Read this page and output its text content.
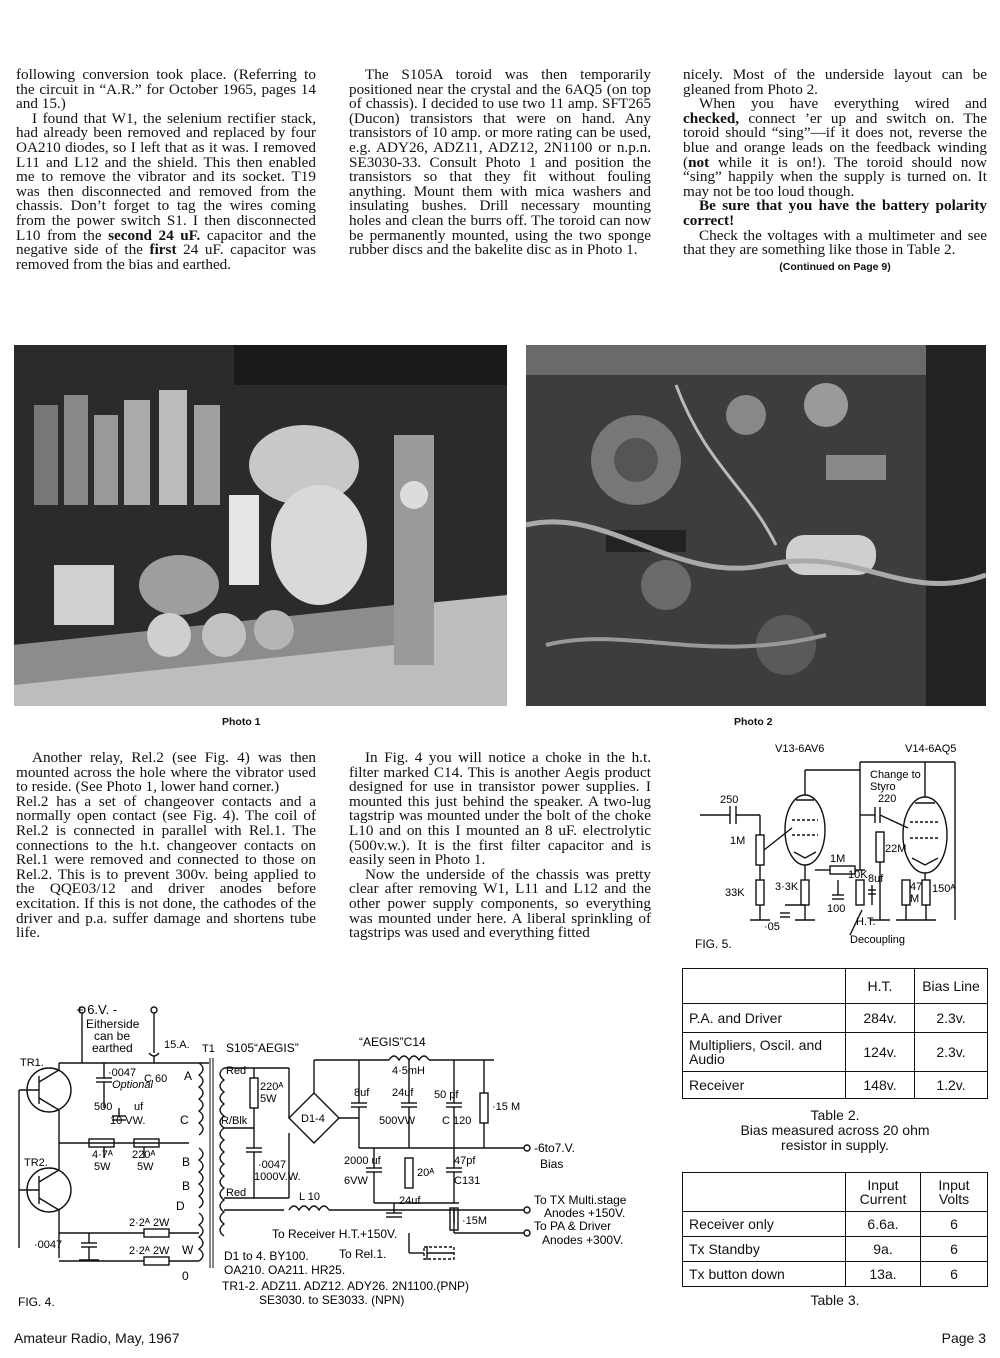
following conversion took place. (Referring to the circuit in “A.R.” for October 1965, pages 14 and 15.)

I found that W1, the selenium rectifier stack, had already been removed and replaced by four OA210 diodes, so I left that as it was. I removed L11 and L12 and the shield. This then enabled me to remove the vibrator and its socket. T19 was then disconnected and removed from the chassis. Don’t forget to tag the wires coming from the power switch S1. I then disconnected L10 from the second 24 uF. capacitor and the negative side of the first 24 uF. capacitor was removed from the bias and earthed.

The S105A toroid was then temporarily positioned near the crystal and the 6AQ5 (on top of chassis). I decided to use two 11 amp. SFT265 (Ducon) transistors that were on hand. Any transistors of 10 amp. or more rating can be used, e.g. ADY26, ADZ11, ADZ12, 2N1100 or n.p.n. SE3030-33. Consult Photo 1 and position the transistors so that they fit without fouling anything. Mount them with mica washers and insulating bushes. Drill necessary mounting holes and clean the burrs off. The toroid can now be permanently mounted, using the two sponge rubber discs and the bakelite disc as in Photo 1.

nicely. Most of the underside layout can be gleaned from Photo 2.

When you have everything wired and checked, connect ’er up and switch on. The toroid should “sing”—if it does not, reverse the blue and orange leads on the feedback winding (not while it is on!). The toroid should now “sing” happily when the supply is turned on. It may not be too loud though.

Be sure that you have the battery polarity correct!

Check the voltages with a multimeter and see that they are something like those in Table 2.

(Continued on Page 9)
Photo 1	Photo 2

Another relay, Rel.2 (see Fig. 4) was then mounted across the hole where the vibrator used to reside. (See Photo 1, lower hand corner.)

Rel.2 has a set of changeover contacts and a normally open contact (see Fig. 4). The coil of Rel.2 is connected in parallel with Rel.1. The connections to the h.t. changeover contacts on Rel.1 were removed and connected to those on Rel.2. This is to prevent 300v. being applied to the QQE03/12 and driver anodes before excitation. If this is not done, the cathodes of the driver and p.a. suffer damage and shortens tube life.

In Fig. 4 you will notice a choke in the h.t. filter marked C14. This is another Aegis product designed for use in transistor power supplies. I mounted this just behind the speaker. A two-lug tagstrip was mounted under the bolt of the choke L10 and on this I mounted an 8 uF. electrolytic (500v.w.). It is the first filter capacitor and is easily seen in Photo 1.

Now the underside of the chassis was pretty clear after removing W1, L11 and L12 and the other power supply components, so everything was mounted under here. A liberal sprinkling of tagstrips was used and everything fitted

V13-6AV6	V14-6AQ5
Change to
Styro
250
1M
33K	3·3K
·05
1M
100
220
22M
10K 8uf
47
M
150ᴬ
H.T.
Decoupling
FIG. 5.
+ 6.V. -
Eitherside
can be
earthed	15.A. T1 S105“AEGIS”
TR1.
TR2.
·0047
Optional
C 60
500 uf
10 VW.
4·7ᴬ
5W
220ᴬ
5W
·0047
2·2ᴬ 2W
2·2ᴬ 2W
Red
R/Blk
Red
A
C
B
B
D
W
0
220ᴬ
5W
·0047
1000V.W.
D1-4
“AEGIS”C14
4·5mH
8uf 24uf
500VW
50 pf
C 120
·15 M
2000 uf
6VW
20ᴬ
47pf
C131
24uf
·15M
-6to7.V.
Bias
L 10	To TX Multi.stage
Anodes +150V.
To PA & Driver
Anodes +300V.
To Receiver H.T.+150V.
To Rel.1.
D1 to 4. BY100.
OA210. OA211. HR25.
TR1-2. ADZ11. ADZ12. ADY26. 2N1100.(PNP)
SE3030. to SE3033. (NPN)
FIG. 4.
	H.T.	Bias Line
P.A. and Driver	284v.	2.3v.
Multipliers, Oscil. and Audio	124v.	2.3v.
Receiver	148v.	1.2v.
Table 2.
Bias measured across 20 ohm
resistor in supply.
	Input Current	Input Volts
Receiver only	6.6a.	6
Tx Standby	9a.	6
Tx button down	13a.	6
Table 3.
Amateur Radio, May, 1967	Page 3
